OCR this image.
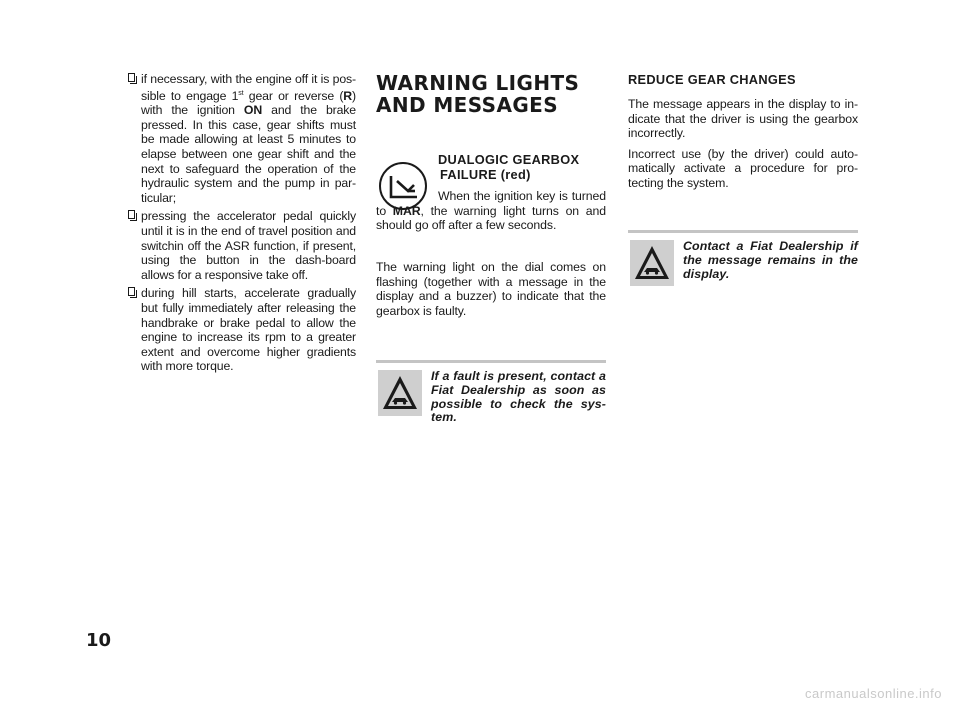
if necessary, with the engine off it is pos-sible to engage 1st gear or reverse (R) with the ignition ON and the brake pressed. In this case, gear shifts must be made allowing at least 5 minutes to elapse between one gear shift and the next to safeguard the operation of the hydraulic system and the pump in par-ticular;
pressing the accelerator pedal quickly until it is in the end of travel position and switchin off the ASR function, if present, using the button in the dash-board allows for a responsive take off.
during hill starts, accelerate gradually but fully immediately after releasing the handbrake or brake pedal to allow the engine to increase its rpm to a greater extent and overcome higher gradients with more torque.
WARNING LIGHTS
AND MESSAGES
DUALOGIC GEARBOX
FAILURE (red)

When the ignition key is turned to MAR, the warning light turns on and should go off after a few seconds.

The warning light on the dial comes on flashing (together with a message in the display and a buzzer) to indicate that the gearbox is faulty.

If a fault is present, contact a Fiat Dealership as soon as possible to check the sys-tem.
REDUCE GEAR CHANGES

The message appears in the display to in-dicate that the driver is using the gearbox incorrectly.

Incorrect use (by the driver) could auto-matically activate a procedure for pro-tecting the system.

Contact a Fiat Dealership if the message remains in the display.
10
carmanualsonline.info
